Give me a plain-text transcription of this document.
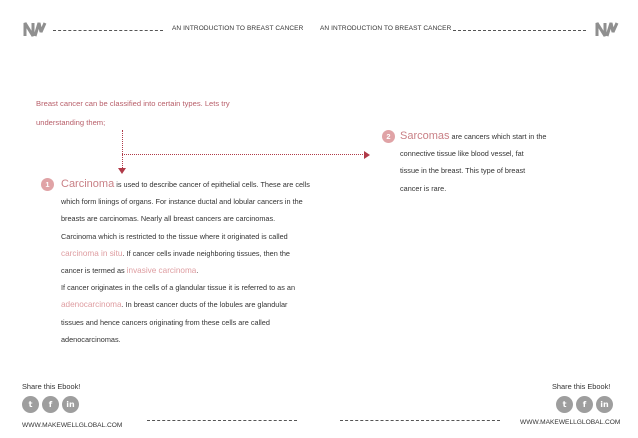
AN INTRODUCTION TO BREAST CANCER	AN INTRODUCTION TO BREAST CANCER
Breast cancer can be classified into certain types. Lets try
understanding them;
2 Sarcomas are cancers which start in the
connective tissue like blood vessel, fat
tissue in the breast. This type of breast
cancer is rare.
1	Carcinoma is used to describe cancer of epithelial cells. These are cells
which form linings of organs. For instance ductal and lobular cancers in the
breasts are carcinomas. Nearly all breast cancers are carcinomas.
Carcinoma which is restricted to the tissue where it originated is called
carcinoma in situ. If cancer cells invade neighboring tissues, then the
cancer is termed as invasive carcinoma.
If cancer originates in the cells of a glandular tissue it is referred to as an
adenocarcinoma. In breast cancer ducts of the lobules are glandular
tissues and hence cancers originating from these cells are called
adenocarcinomas.
Share this Ebook!
t f in
WWW.MAKEWELLGLOBAL.COM
Share this Ebook!
t f in
WWW.MAKEWELLGLOBAL.COM
